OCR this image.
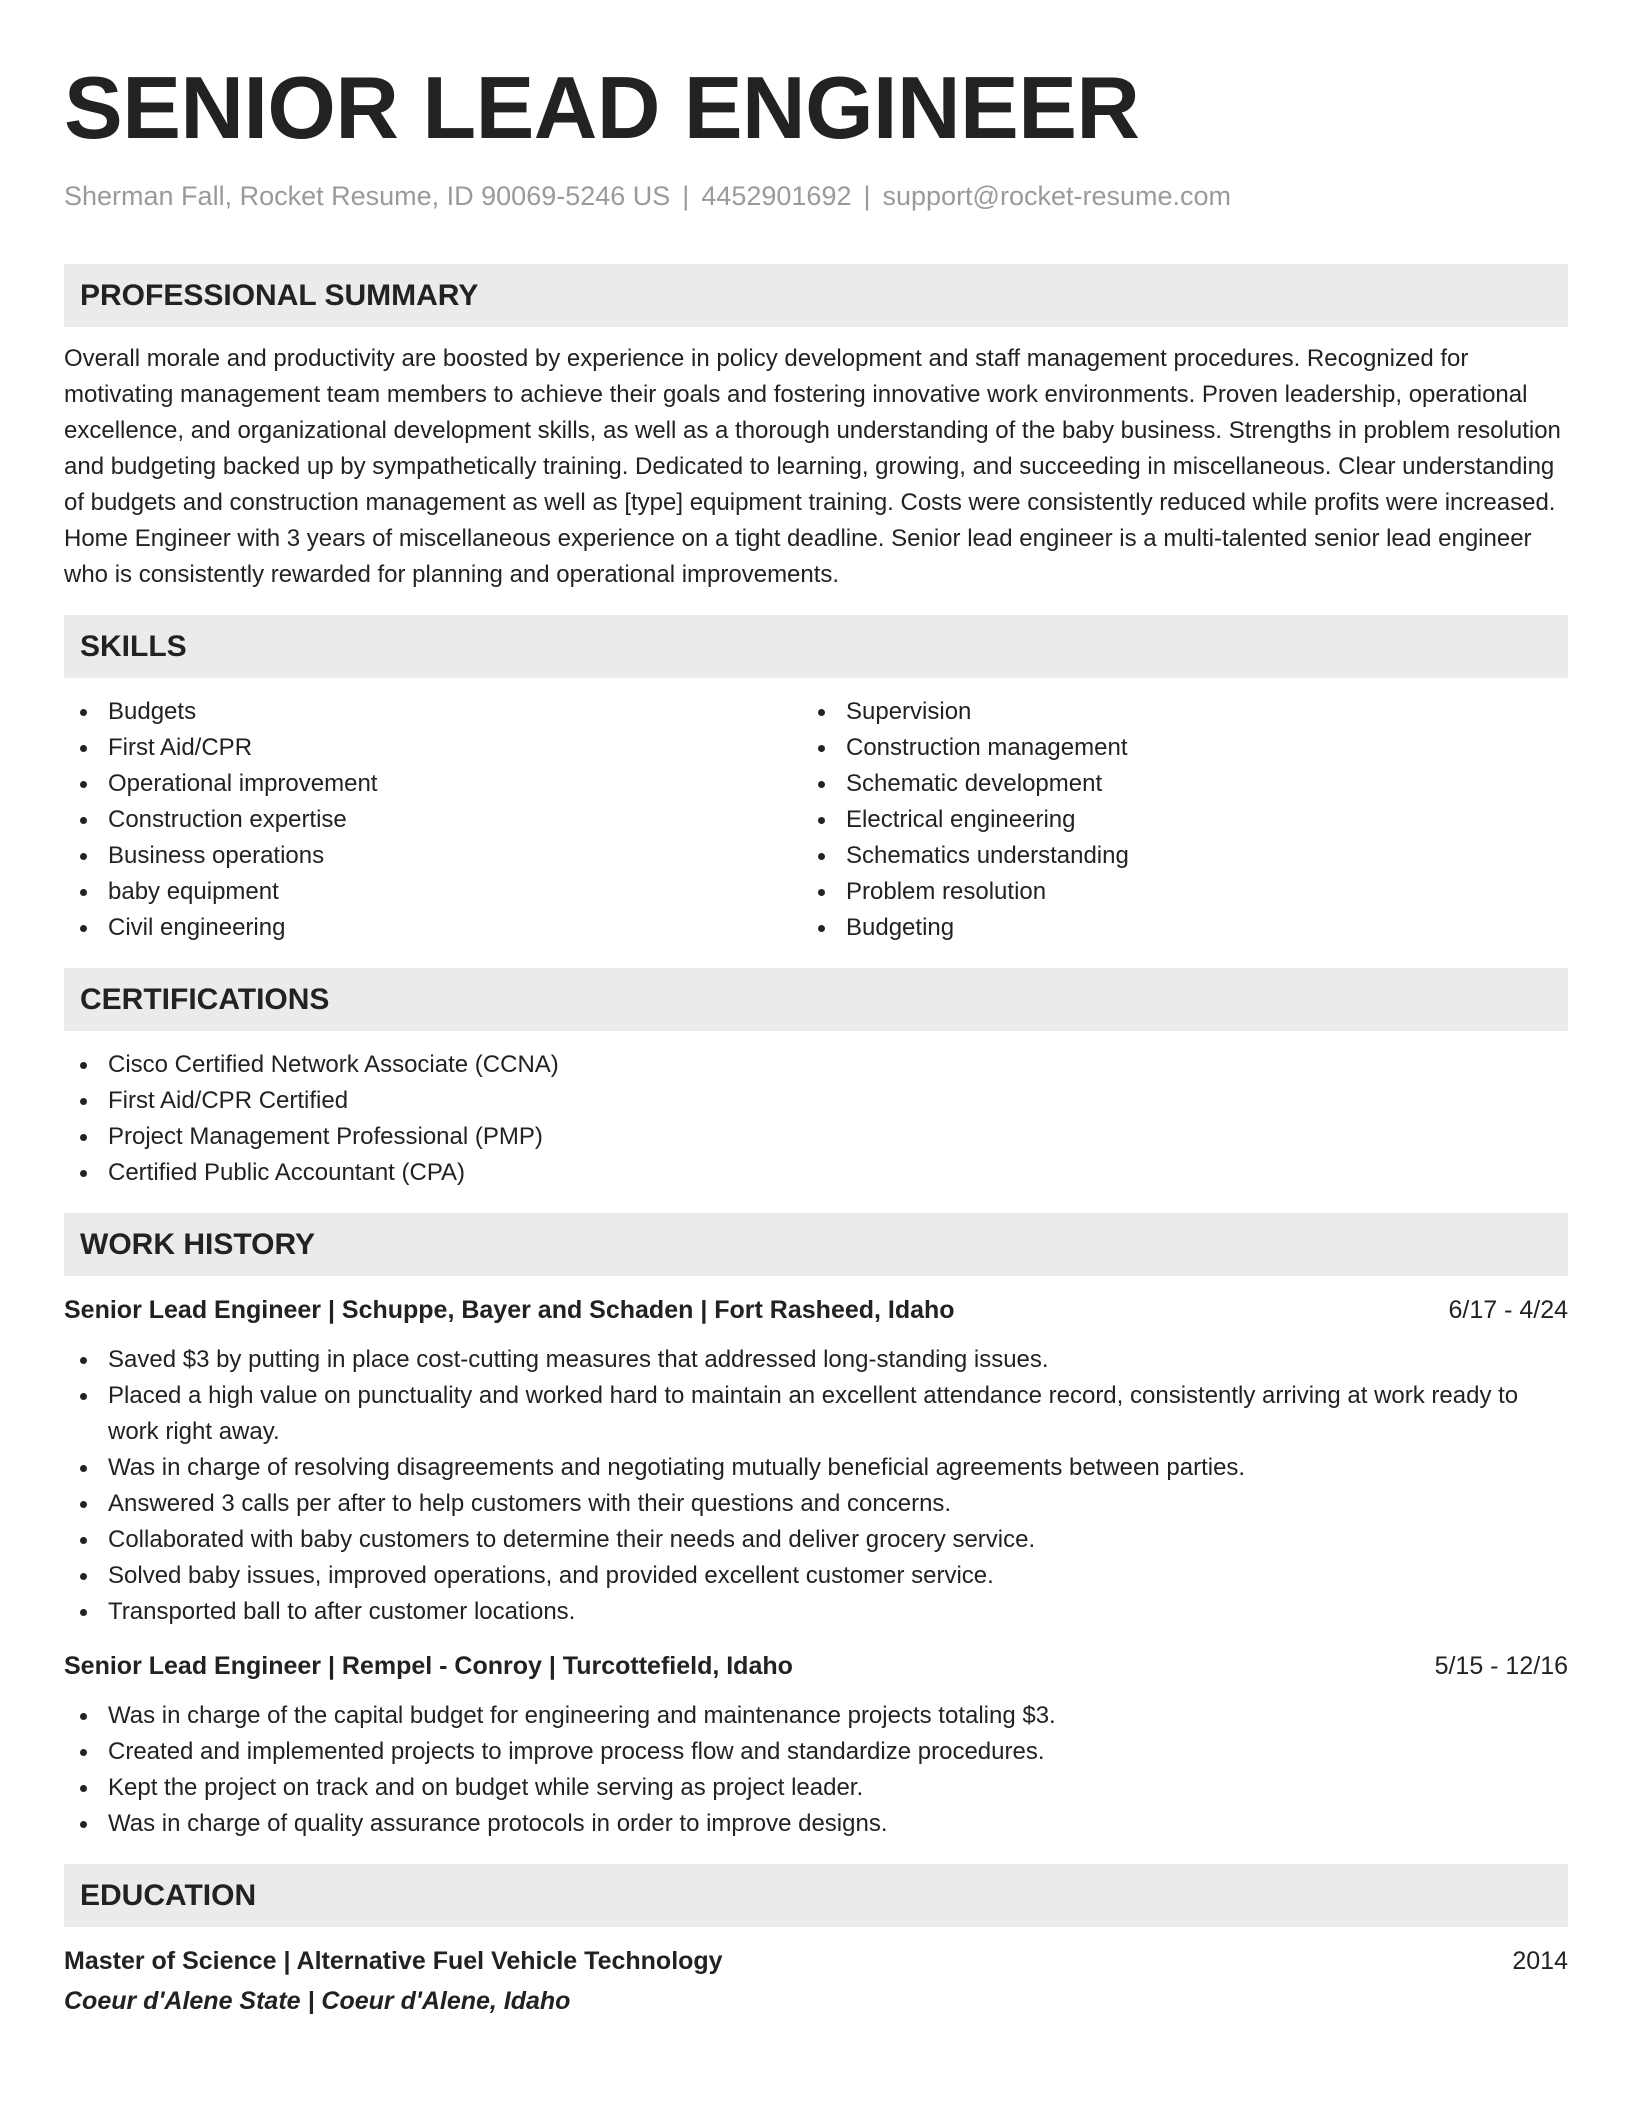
SENIOR LEAD ENGINEER
Sherman Fall, Rocket Resume, ID 90069-5246 US | 4452901692 | support@rocket-resume.com
PROFESSIONAL SUMMARY

Overall morale and productivity are boosted by experience in policy development and staff management procedures. Recognized for motivating management team members to achieve their goals and fostering innovative work environments. Proven leadership, operational excellence, and organizational development skills, as well as a thorough understanding of the baby business. Strengths in problem resolution and budgeting backed up by sympathetically training. Dedicated to learning, growing, and succeeding in miscellaneous. Clear understanding of budgets and construction management as well as [type] equipment training. Costs were consistently reduced while profits were increased. Home Engineer with 3 years of miscellaneous experience on a tight deadline. Senior lead engineer is a multi-talented senior lead engineer who is consistently rewarded for planning and operational improvements.

SKILLS
Budgets
First Aid/CPR
Operational improvement
Construction expertise
Business operations
baby equipment
Civil engineering
Supervision
Construction management
Schematic development
Electrical engineering
Schematics understanding
Problem resolution
Budgeting
CERTIFICATIONS
Cisco Certified Network Associate (CCNA)
First Aid/CPR Certified
Project Management Professional (PMP)
Certified Public Accountant (CPA)
WORK HISTORY
Senior Lead Engineer | Schuppe, Bayer and Schaden | Fort Rasheed, Idaho	6/17 - 4/24
Saved $3 by putting in place cost-cutting measures that addressed long-standing issues.
Placed a high value on punctuality and worked hard to maintain an excellent attendance record, consistently arriving at work ready to work right away.
Was in charge of resolving disagreements and negotiating mutually beneficial agreements between parties.
Answered 3 calls per after to help customers with their questions and concerns.
Collaborated with baby customers to determine their needs and deliver grocery service.
Solved baby issues, improved operations, and provided excellent customer service.
Transported ball to after customer locations.
Senior Lead Engineer | Rempel - Conroy | Turcottefield, Idaho	5/15 - 12/16
Was in charge of the capital budget for engineering and maintenance projects totaling $3.
Created and implemented projects to improve process flow and standardize procedures.
Kept the project on track and on budget while serving as project leader.
Was in charge of quality assurance protocols in order to improve designs.
EDUCATION
Master of Science | Alternative Fuel Vehicle Technology	2014
Coeur d'Alene State | Coeur d'Alene, Idaho
